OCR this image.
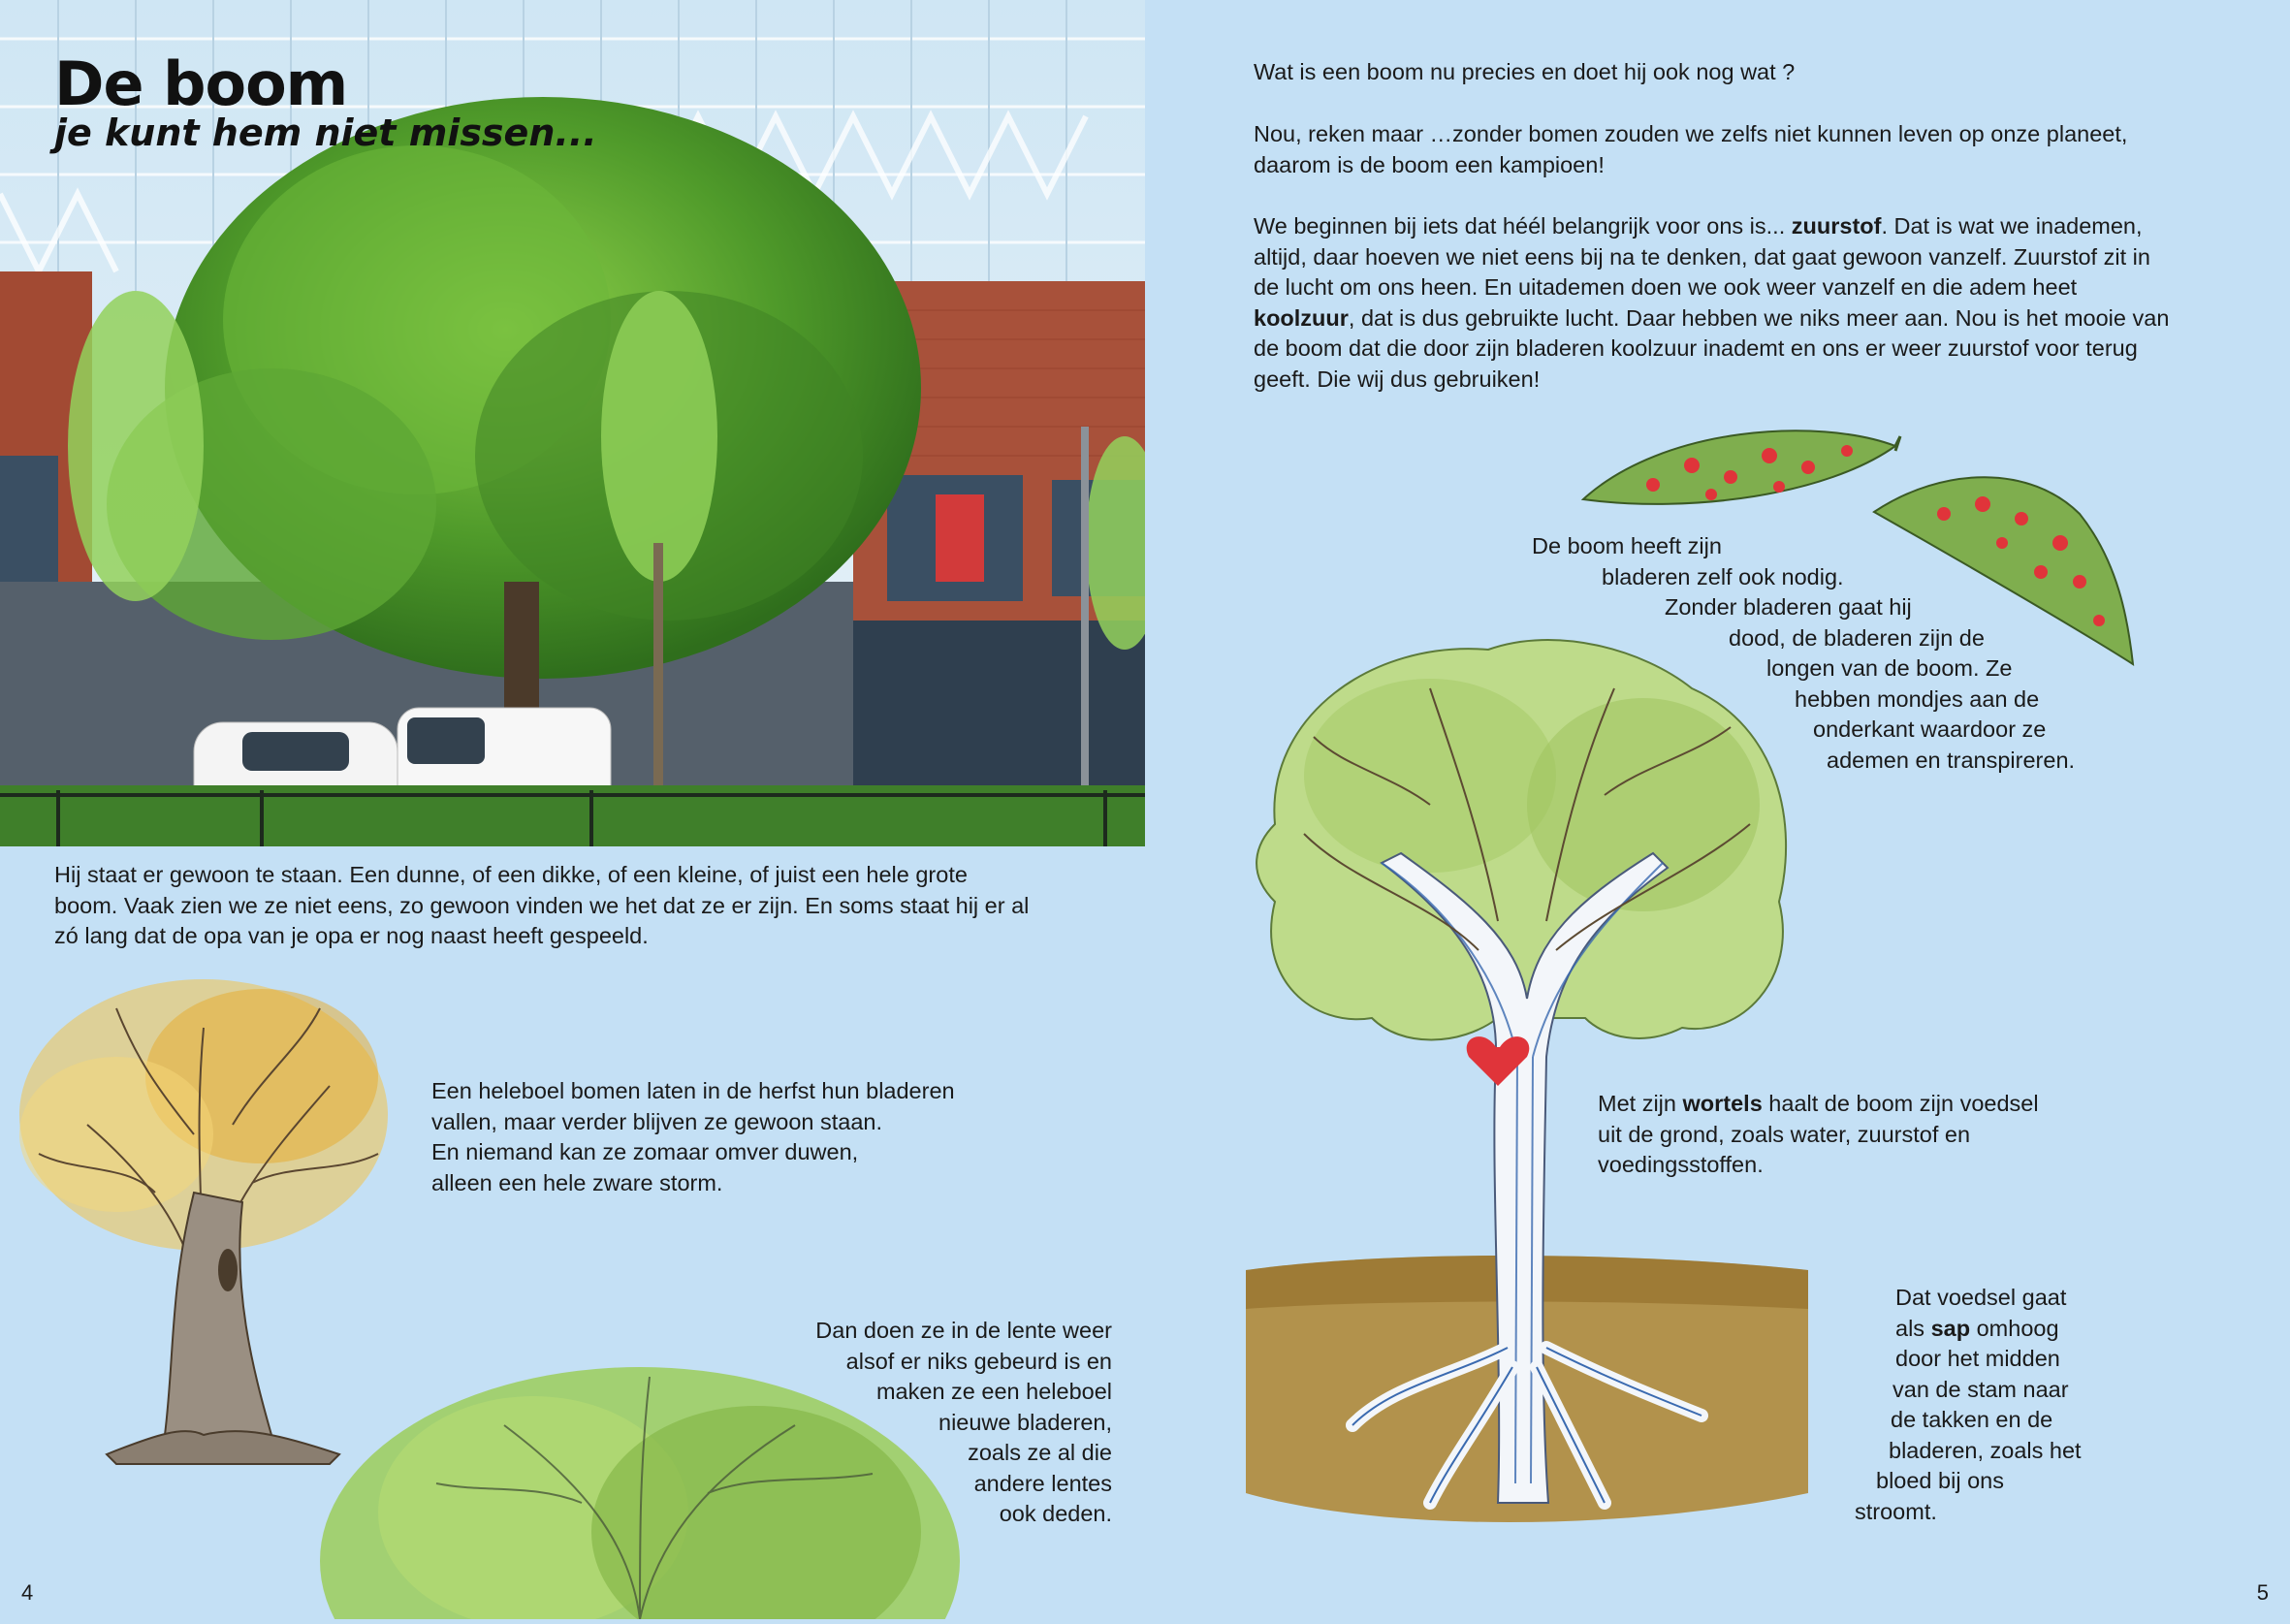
De boom
je kunt hem niet missen...
Hij staat er gewoon te staan. Een dunne, of een dikke, of een kleine, of juist een hele grote
boom. Vaak zien we ze niet eens, zo gewoon vinden we het dat ze er zijn. En soms staat hij er al
zó lang dat de opa van je opa er nog naast heeft gespeeld.
Een heleboel bomen laten in de herfst hun bladeren
vallen, maar verder blijven ze gewoon staan.
En niemand kan ze zomaar omver duwen,
alleen een hele zware storm.
Dan doen ze in de lente weer
alsof er niks gebeurd is en
maken ze een heleboel
nieuwe bladeren,
zoals ze al die
andere lentes
ook deden.
4
Wat is een boom nu precies en doet hij ook nog wat ?
Nou, reken maar …zonder bomen zouden we zelfs niet kunnen leven op onze planeet,
daarom is de boom een kampioen!
We beginnen bij iets dat héél belangrijk voor ons is... zuurstof. Dat is wat we inademen,
altijd, daar hoeven we niet eens bij na te denken, dat gaat gewoon vanzelf. Zuurstof zit in
de lucht om ons heen. En uitademen doen we ook weer vanzelf en die adem heet
koolzuur, dat is dus gebruikte lucht. Daar hebben we niks meer aan. Nou is het mooie van
de boom dat die door zijn bladeren koolzuur inademt en ons er weer zuurstof voor terug
geeft. Die wij dus gebruiken!
De boom heeft zijn
bladeren zelf ook nodig.
Zonder bladeren gaat hij
dood, de bladeren zijn de
longen van de boom. Ze
hebben mondjes aan de
onderkant waardoor ze
ademen en transpireren.
Met zijn wortels haalt de boom zijn voedsel
uit de grond, zoals water, zuurstof en
voedingsstoffen.
Dat voedsel gaat
als sap omhoog
door het midden
van de stam naar
de takken en de
bladeren, zoals het
bloed bij ons
stroomt.
5
